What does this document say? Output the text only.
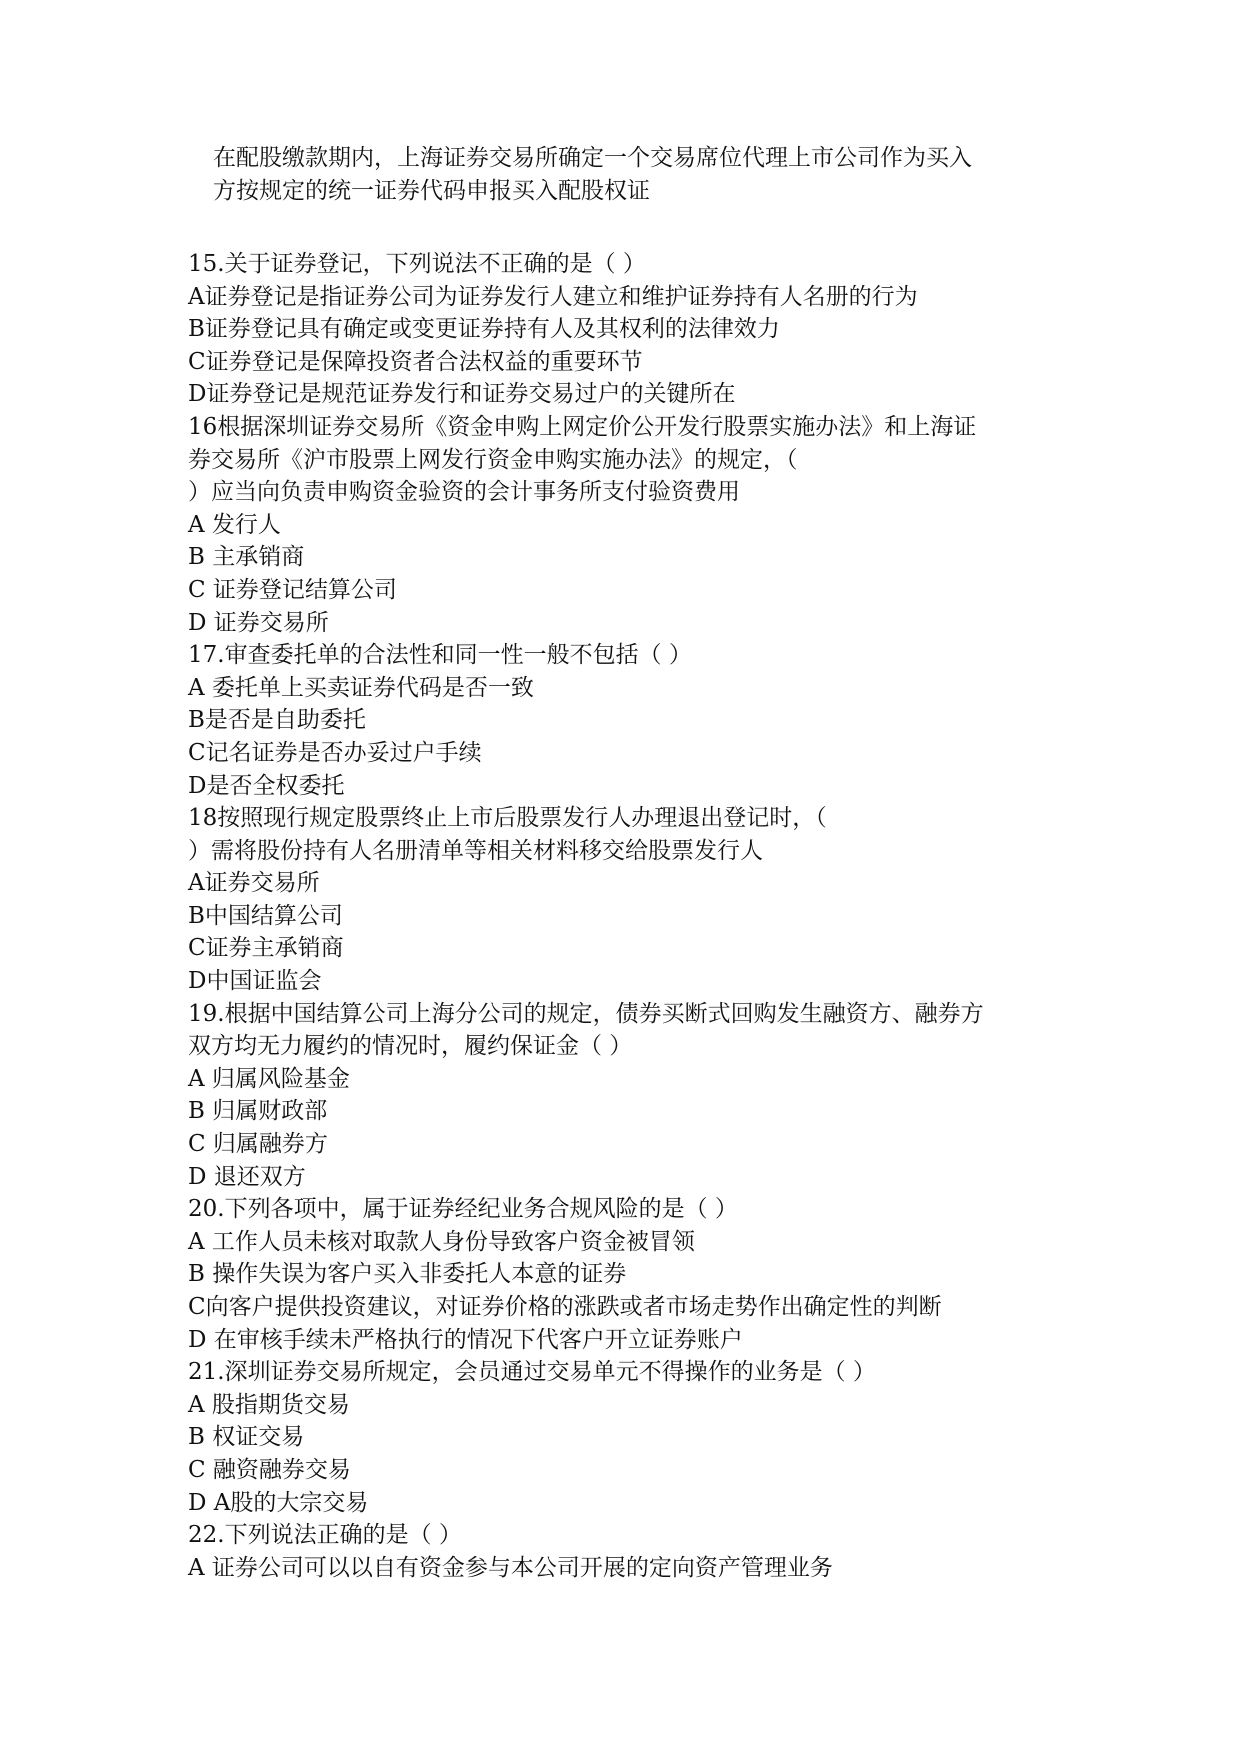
在配股缴款期内，上海证券交易所确定一个交易席位代理上市公司作为买入
方按规定的统一证券代码申报买入配股权证
15.关于证券登记，下列说法不正确的是（ ）
A证券登记是指证券公司为证券发行人建立和维护证券持有人名册的行为
B证券登记具有确定或变更证券持有人及其权利的法律效力
C证券登记是保障投资者合法权益的重要环节
D证券登记是规范证券发行和证券交易过户的关键所在
16根据深圳证券交易所《资金申购上网定价公开发行股票实施办法》和上海证
券交易所《沪市股票上网发行资金申购实施办法》的规定，（
）应当向负责申购资金验资的会计事务所支付验资费用
A 发行人
B 主承销商
C 证券登记结算公司
D 证券交易所
17.审查委托单的合法性和同一性一般不包括（ ）
A 委托单上买卖证券代码是否一致
B是否是自助委托
C记名证券是否办妥过户手续
D是否全权委托
18按照现行规定股票终止上市后股票发行人办理退出登记时，（
）需将股份持有人名册清单等相关材料移交给股票发行人
A证券交易所
B中国结算公司
C证券主承销商
D中国证监会
19.根据中国结算公司上海分公司的规定，债券买断式回购发生融资方、融券方
双方均无力履约的情况时，履约保证金（ ）
A 归属风险基金
B 归属财政部
C 归属融券方
D 退还双方
20.下列各项中，属于证券经纪业务合规风险的是（ ）
A 工作人员未核对取款人身份导致客户资金被冒领
B 操作失误为客户买入非委托人本意的证券
C向客户提供投资建议，对证券价格的涨跌或者市场走势作出确定性的判断
D 在审核手续未严格执行的情况下代客户开立证券账户
21.深圳证券交易所规定，会员通过交易单元不得操作的业务是（ ）
A 股指期货交易
B 权证交易
C 融资融券交易
D A股的大宗交易
22.下列说法正确的是（ ）
A 证券公司可以以自有资金参与本公司开展的定向资产管理业务
